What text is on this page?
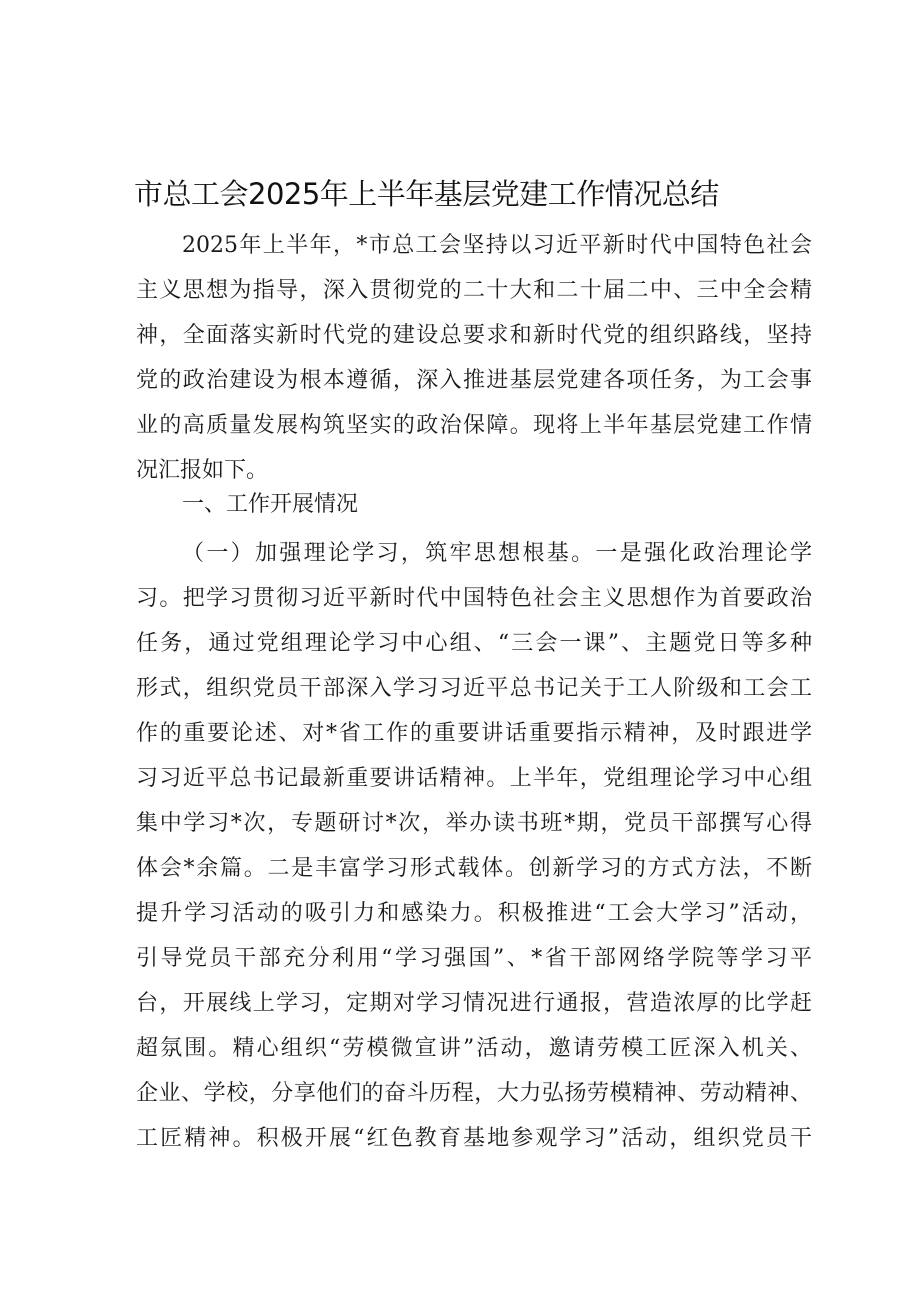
市总工会2025年上半年基层党建工作情况总结
2025年上半年，*市总工会坚持以习近平新时代中国特色社会
主义思想为指导，深入贯彻党的二十大和二十届二中、三中全会精
神，全面落实新时代党的建设总要求和新时代党的组织路线，坚持
党的政治建设为根本遵循，深入推进基层党建各项任务，为工会事
业的高质量发展构筑坚实的政治保障。现将上半年基层党建工作情
况汇报如下。
一、工作开展情况
（一）加强理论学习，筑牢思想根基。一是强化政治理论学
习。把学习贯彻习近平新时代中国特色社会主义思想作为首要政治
任务，通过党组理论学习中心组、“三会一课”、主题党日等多种
形式，组织党员干部深入学习习近平总书记关于工人阶级和工会工
作的重要论述、对*省工作的重要讲话重要指示精神，及时跟进学
习习近平总书记最新重要讲话精神。上半年，党组理论学习中心组
集中学习*次，专题研讨*次，举办读书班*期，党员干部撰写心得
体会*余篇。二是丰富学习形式载体。创新学习的方式方法，不断
提升学习活动的吸引力和感染力。积极推进“工会大学习”活动，
引导党员干部充分利用“学习强国”、*省干部网络学院等学习平
台，开展线上学习，定期对学习情况进行通报，营造浓厚的比学赶
超氛围。精心组织“劳模微宣讲”活动，邀请劳模工匠深入机关、
企业、学校，分享他们的奋斗历程，大力弘扬劳模精神、劳动精神、
工匠精神。积极开展“红色教育基地参观学习”活动，组织党员干
